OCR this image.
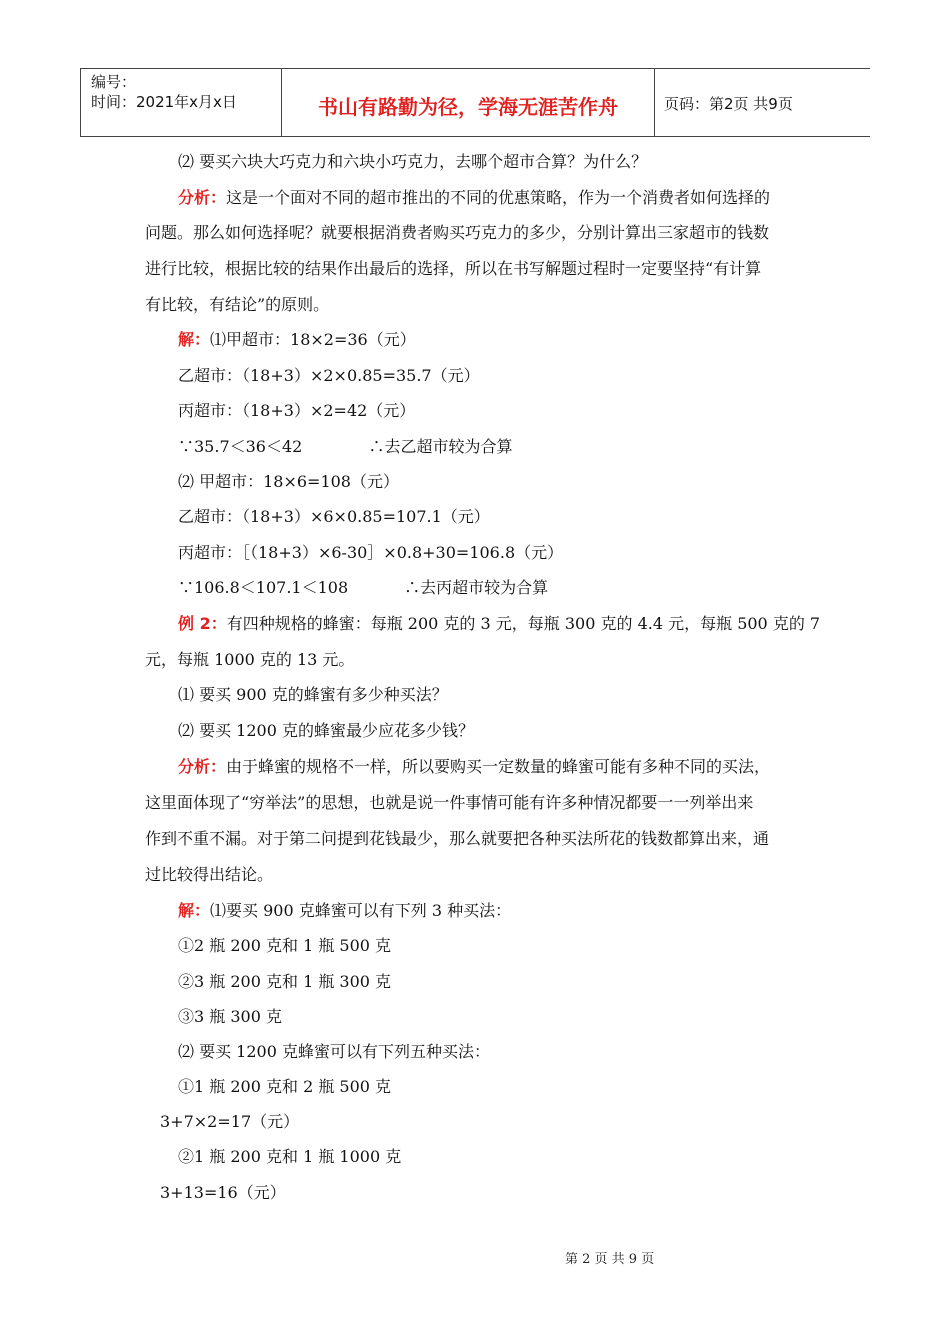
编号：
时间：2021年x月x日	书山有路勤为径，学海无涯苦作舟	页码：第2页 共9页
⑵ 要买六块大巧克力和六块小巧克力，去哪个超市合算？为什么？
分析：这是一个面对不同的超市推出的不同的优惠策略，作为一个消费者如何选择的
问题。那么如何选择呢？就要根据消费者购买巧克力的多少，分别计算出三家超市的钱数
进行比较，根据比较的结果作出最后的选择，所以在书写解题过程时一定要坚持“有计算
有比较，有结论”的原则。
解：⑴甲超市：18×2=36（元）
乙超市：（18+3）×2×0.85=35.7（元）
丙超市：（18+3）×2=42（元）
∵35.7＜36＜42             ∴去乙超市较为合算
⑵ 甲超市：18×6=108（元）
乙超市：（18+3）×6×0.85=107.1（元）
丙超市：［（18+3）×6-30］×0.8+30=106.8（元）
∵106.8＜107.1＜108           ∴去丙超市较为合算
例 2：有四种规格的蜂蜜：每瓶 200 克的 3 元，每瓶 300 克的 4.4 元，每瓶 500 克的 7
元，每瓶 1000 克的 13 元。
⑴ 要买 900 克的蜂蜜有多少种买法？
⑵ 要买 1200 克的蜂蜜最少应花多少钱？
分析：由于蜂蜜的规格不一样，所以要购买一定数量的蜂蜜可能有多种不同的买法，
这里面体现了“穷举法”的思想，也就是说一件事情可能有许多种情况都要一一列举出来
作到不重不漏。对于第二问提到花钱最少，那么就要把各种买法所花的钱数都算出来，通
过比较得出结论。
解：⑴要买 900 克蜂蜜可以有下列 3 种买法：
①2 瓶 200 克和 1 瓶 500 克
②3 瓶 200 克和 1 瓶 300 克
③3 瓶 300 克
⑵ 要买 1200 克蜂蜜可以有下列五种买法：
①1 瓶 200 克和 2 瓶 500 克
3+7×2=17（元）
②1 瓶 200 克和 1 瓶 1000 克
3+13=16（元）
第 2 页 共 9 页
